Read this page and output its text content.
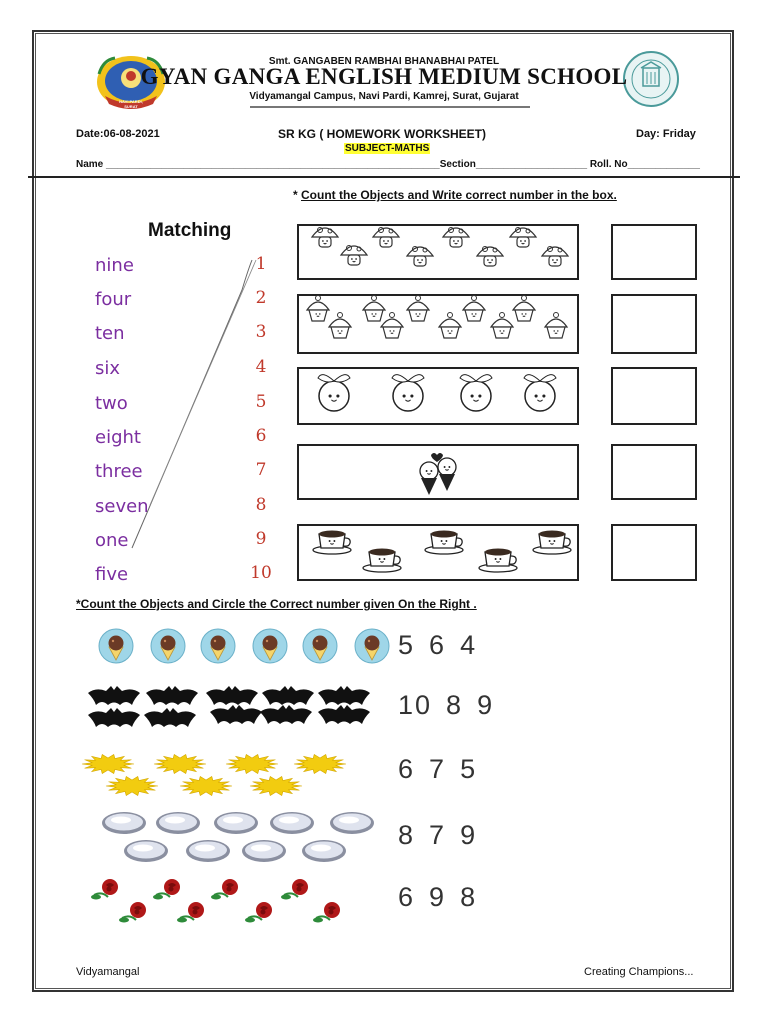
NAVI PARDI, SURAT
Smt. GANGABEN RAMBHAI BHANABHAI PATEL
GYAN GANGA ENGLISH MEDIUM SCHOOL
Vidyamangal Campus, Navi Pardi, Kamrej, Surat, Gujarat
Date:06-08-2021	SR KG ( HOMEWORK WORKSHEET)	Day: Friday
SUBJECT-MATHS
Name ____________________________________________________________Section____________________ Roll. No_____________
* Count the Objects and Write correct number in the box.
Matching
nine
four
ten
six
two
eight
three
seven
one
five
1
2
3
4
5
6
7
8
9
10
*Count the Objects and Circle the Correct number given On the Right .
5 6 4
10 8 9
6 7 5
8 7 9
6 9 8
Vidyamangal	Creating Champions...
